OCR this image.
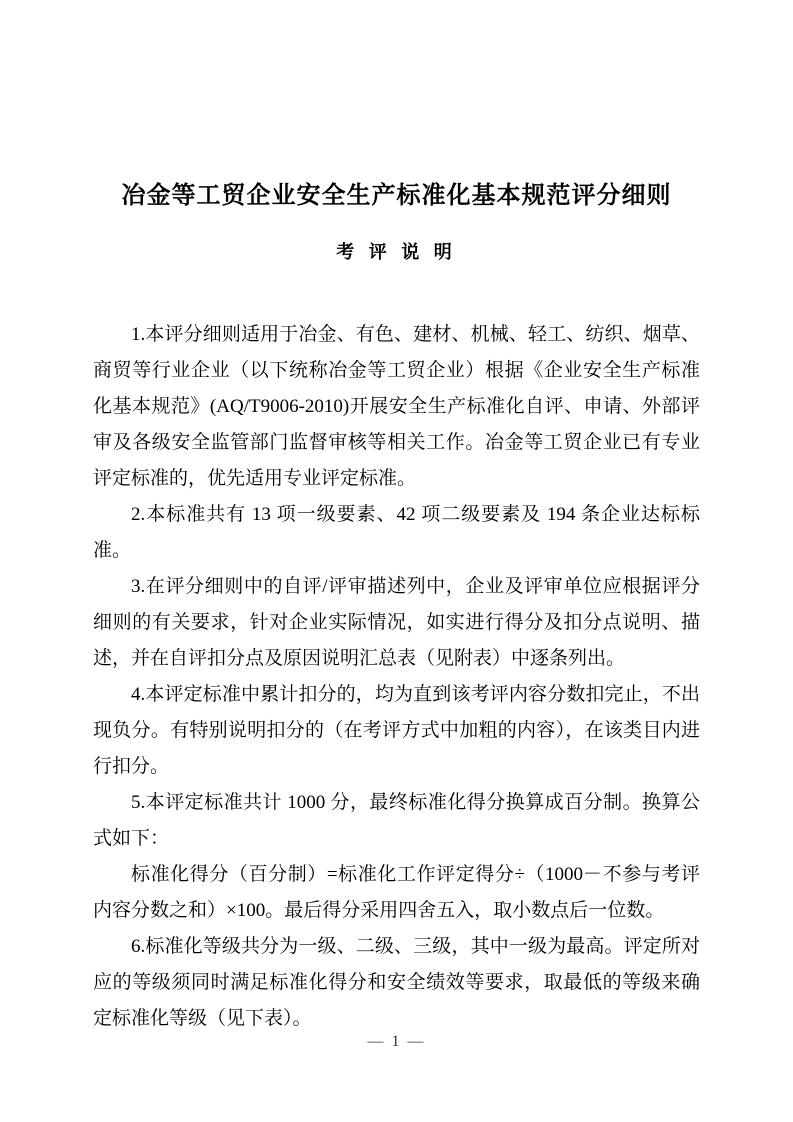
冶金等工贸企业安全生产标准化基本规范评分细则
考 评 说 明

1.本评分细则适用于冶金、有色、建材、机械、轻工、纺织、烟草、商贸等行业企业（以下统称冶金等工贸企业）根据《企业安全生产标准化基本规范》(AQ/T9006-2010)开展安全生产标准化自评、申请、外部评审及各级安全监管部门监督审核等相关工作。冶金等工贸企业已有专业评定标准的，优先适用专业评定标准。

2.本标准共有 13 项一级要素、42 项二级要素及 194 条企业达标标准。

3.在评分细则中的自评/评审描述列中，企业及评审单位应根据评分细则的有关要求，针对企业实际情况，如实进行得分及扣分点说明、描述，并在自评扣分点及原因说明汇总表（见附表）中逐条列出。

4.本评定标准中累计扣分的，均为直到该考评内容分数扣完止，不出现负分。有特别说明扣分的（在考评方式中加粗的内容），在该类目内进行扣分。

5.本评定标准共计 1000 分，最终标准化得分换算成百分制。换算公式如下：

标准化得分（百分制）=标准化工作评定得分÷（1000－不参与考评内容分数之和）×100。最后得分采用四舍五入，取小数点后一位数。

6.标准化等级共分为一级、二级、三级，其中一级为最高。评定所对应的等级须同时满足标准化得分和安全绩效等要求，取最低的等级来确定标准化等级（见下表）。

— 1 —
